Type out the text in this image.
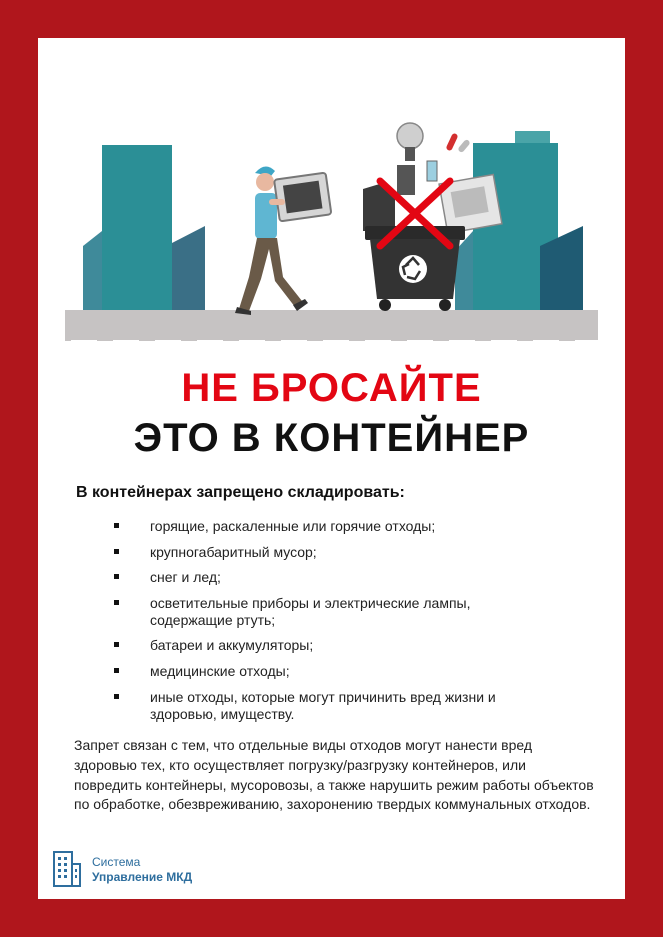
НЕ БРОСАЙТЕ
ЭТО В КОНТЕЙНЕР
В контейнерах запрещено складировать:
горящие, раскаленные или горячие отходы;
крупногабаритный мусор;
снег и лед;
осветительные приборы и электрические лампы, содержащие ртуть;
батареи и аккумуляторы;
медицинские отходы;
иные отходы, которые могут причинить вред жизни и здоровью, имуществу.

Запрет связан с тем, что отдельные виды отходов могут нанести вред здоровью тех, кто осуществляет погрузку/разгрузку контейнеров, или повредить контейнеры, мусоровозы, а также нарушить режим работы объектов по обработке, обезвреживанию, захоронению твердых коммунальных отходов.

Система
Управление МКД
